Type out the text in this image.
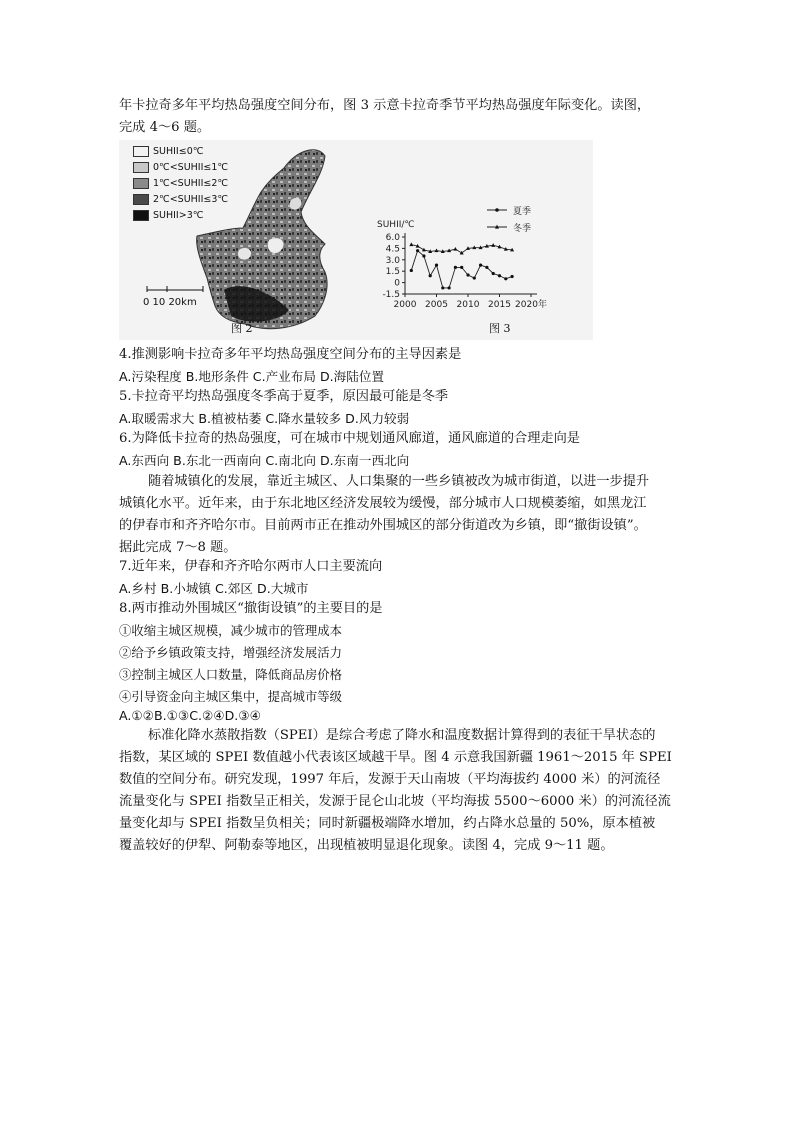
年卡拉奇多年平均热岛强度空间分布，图 3 示意卡拉奇季节平均热岛强度年际变化。读图，
完成 4～6 题。
SUHII≤0℃
0℃<SUHII≤1℃
1℃<SUHII≤2℃
2℃<SUHII≤3℃
SUHII>3℃
0 10 20km
图 2
SUHII/℃
6.0
4.5
3.0
1.5
0
-1.5
2000 2005 2010 2015 2020年
夏季
冬季
图 3
4.推测影响卡拉奇多年平均热岛强度空间分布的主导因素是
A.污染程度 B.地形条件 C.产业布局 D.海陆位置
5.卡拉奇平均热岛强度冬季高于夏季，原因最可能是冬季
A.取暖需求大 B.植被枯萎 C.降水量较多 D.风力较弱
6.为降低卡拉奇的热岛强度，可在城市中规划通风廊道，通风廊道的合理走向是
A.东西向 B.东北一西南向 C.南北向 D.东南一西北向
随着城镇化的发展，靠近主城区、人口集聚的一些乡镇被改为城市街道，以进一步提升
城镇化水平。近年来，由于东北地区经济发展较为缓慢，部分城市人口规模萎缩，如黑龙江
的伊春市和齐齐哈尔市。目前两市正在推动外围城区的部分街道改为乡镇，即“撤街设镇”。
据此完成 7～8 题。
7.近年来，伊春和齐齐哈尔两市人口主要流向
A.乡村 B.小城镇 C.郊区 D.大城市
8.两市推动外围城区“撤街设镇”的主要目的是
①收缩主城区规模，减少城市的管理成本
②给予乡镇政策支持，增强经济发展活力
③控制主城区人口数量，降低商品房价格
④引导资金向主城区集中，提高城市等级
A.①②B.①③C.②④D.③④
标准化降水蒸散指数（SPEI）是综合考虑了降水和温度数据计算得到的表征干旱状态的
指数，某区域的 SPEI 数值越小代表该区域越干旱。图 4 示意我国新疆 1961～2015 年 SPEI
数值的空间分布。研究发现，1997 年后，发源于天山南坡（平均海拔约 4000 米）的河流径
流量变化与 SPEI 指数呈正相关，发源于昆仑山北坡（平均海拔 5500～6000 米）的河流径流
量变化却与 SPEI 指数呈负相关；同时新疆极端降水增加，约占降水总量的 50%，原本植被
覆盖较好的伊犁、阿勒泰等地区，出现植被明显退化现象。读图 4，完成 9～11 题。
